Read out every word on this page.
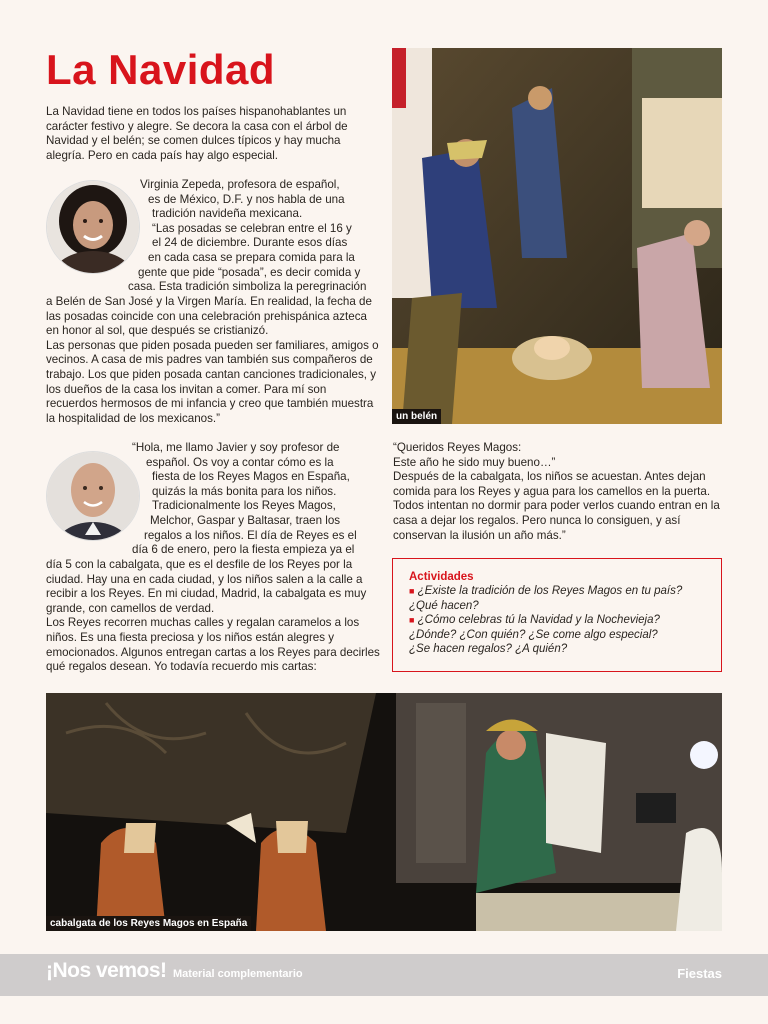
La Navidad

La Navidad tiene en todos los países hispanohablantes un carácter festivo y alegre. Se decora la casa con el árbol de Navidad y el belén; se comen dulces típicos y hay mucha alegría. Pero en cada país hay algo especial.

Virginia Zepeda, profesora de español,
es de México, D.F. y nos habla de una
tradición navideña mexicana.
“Las posadas se celebran entre el 16 y
el 24 de diciembre. Durante esos días
en cada casa se prepara comida para la
gente que pide “posada”, es decir comida y
casa. Esta tradición simboliza la peregrinación

a Belén de San José y la Virgen María. En realidad, la fecha de las posadas coincide con una celebración prehispánica azteca en honor al sol, que después se cristianizó.
Las personas que piden posada pueden ser familiares, amigos o vecinos. A casa de mis padres van también sus compañeros de trabajo. Los que piden posada cantan canciones tradicionales, y los dueños de la casa los invitan a comer. Para mí son recuerdos hermosos de mi infancia y creo que también muestra la hospitalidad de los mexicanos.”

“Hola, me llamo Javier y soy profesor de
español. Os voy a contar cómo es la
fiesta de los Reyes Magos en España,
quizás la más bonita para los niños.
Tradicionalmente los Reyes Magos,
Melchor, Gaspar y Baltasar, traen los
regalos a los niños. El día de Reyes es el
día 6 de enero, pero la fiesta empieza ya el

día 5 con la cabalgata, que es el desfile de los Reyes por la ciudad. Hay una en cada ciudad, y los niños salen a la calle a recibir a los Reyes. En mi ciudad, Madrid, la cabalgata es muy grande, con camellos de verdad.
Los Reyes recorren muchas calles y regalan caramelos a los niños. Es una fiesta preciosa y los niños están alegres y emocionados. Algunos entregan cartas a los Reyes para decirles qué regalos desean. Yo todavía recuerdo mis cartas:

un belén

“Queridos Reyes Magos:
Este año he sido muy bueno…”
Después de la cabalgata, los niños se acuestan. Antes dejan comida para los Reyes y agua para los camellos en la puerta. Todos intentan no dormir para poder verlos cuando entran en la casa a dejar los regalos. Pero nunca lo consiguen, y así conservan la ilusión un año más.”

Actividades
■ ¿Existe la tradición de los Reyes Magos en tu país?
¿Qué hacen?
■ ¿Cómo celebras tú la Navidad y la Nochevieja?
¿Dónde? ¿Con quién? ¿Se come algo especial?
¿Se hacen regalos? ¿A quién?
cabalgata de los Reyes Magos en España
¡Nos vemos! Material complementario	Fiestas
